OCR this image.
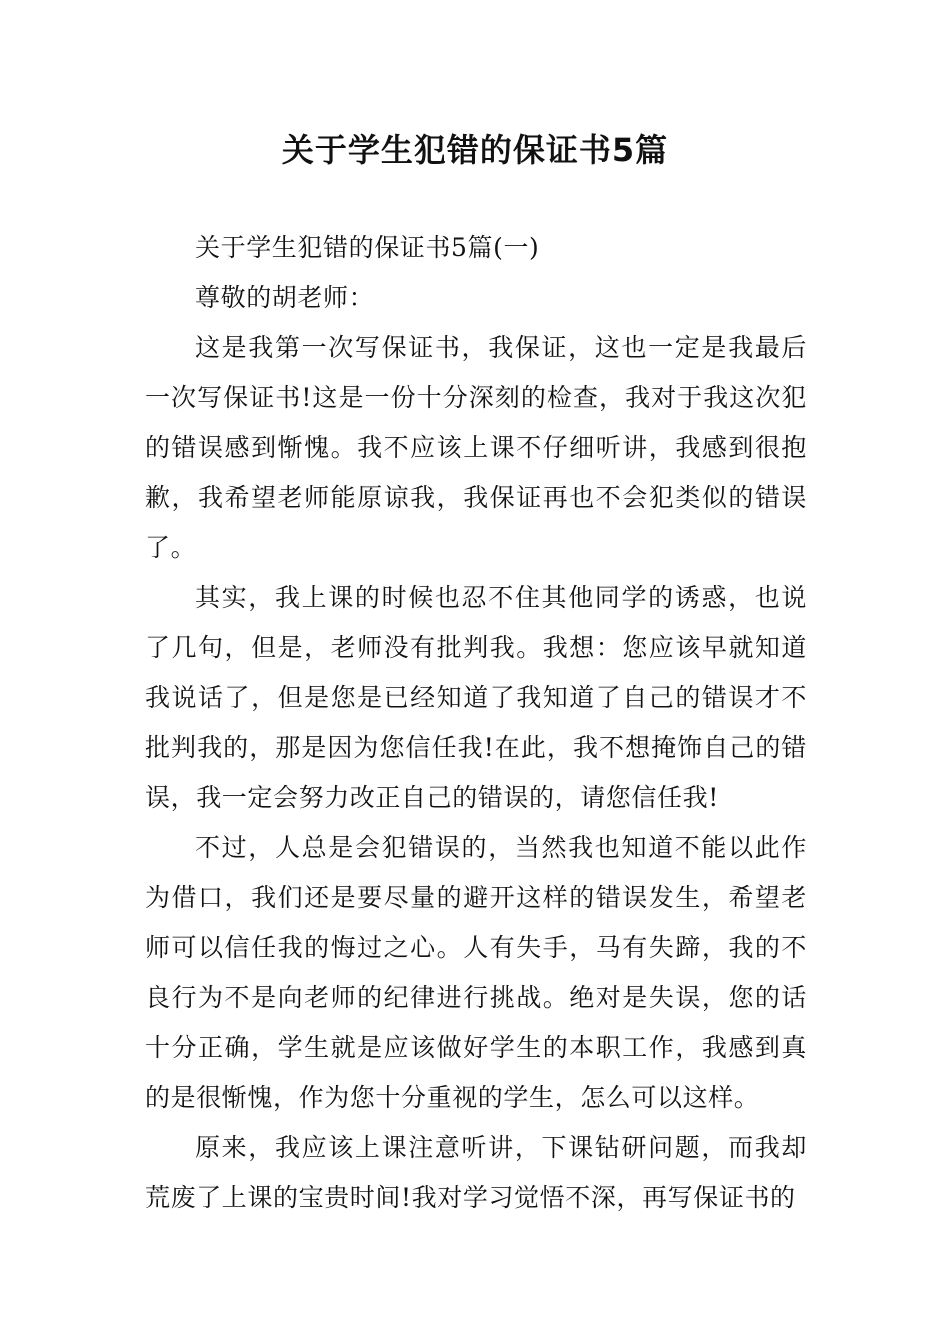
关于学生犯错的保证书5篇

关于学生犯错的保证书5篇(一)

尊敬的胡老师：

这是我第一次写保证书，我保证，这也一定是我最后一次写保证书!这是一份十分深刻的检查，我对于我这次犯的错误感到惭愧。我不应该上课不仔细听讲，我感到很抱歉，我希望老师能原谅我，我保证再也不会犯类似的错误了。

其实，我上课的时候也忍不住其他同学的诱惑，也说了几句，但是，老师没有批判我。我想：您应该早就知道我说话了，但是您是已经知道了我知道了自己的错误才不批判我的，那是因为您信任我!在此，我不想掩饰自己的错误，我一定会努力改正自己的错误的，请您信任我!

不过，人总是会犯错误的，当然我也知道不能以此作为借口，我们还是要尽量的避开这样的错误发生，希望老师可以信任我的悔过之心。人有失手，马有失蹄，我的不良行为不是向老师的纪律进行挑战。绝对是失误，您的话十分正确，学生就是应该做好学生的本职工作，我感到真的是很惭愧，作为您十分重视的学生，怎么可以这样。

原来，我应该上课注意听讲，下课钻研问题，而我却荒废了上课的宝贵时间!我对学习觉悟不深，再写保证书的
